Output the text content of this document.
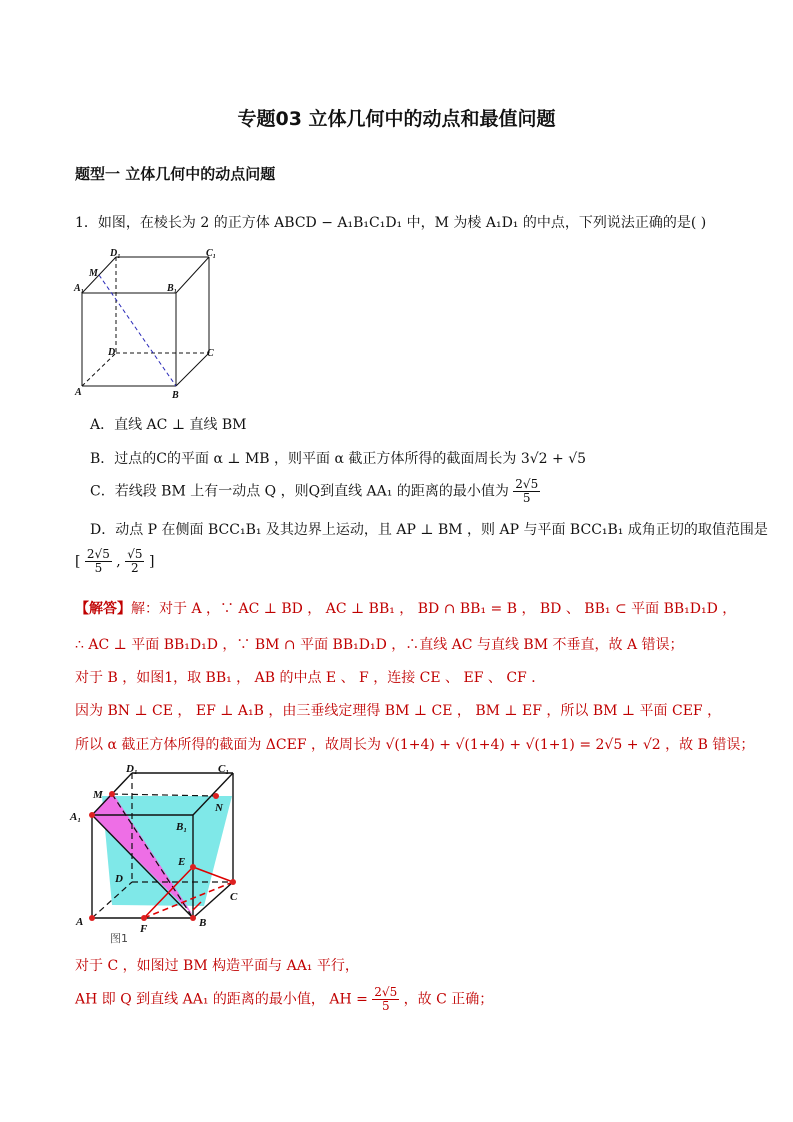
专题03 立体几何中的动点和最值问题
题型一 立体几何中的动点问题
1．如图，在棱长为 2 的正方体 ABCD − A₁B₁C₁D₁ 中，M 为棱 A₁D₁ 的中点，下列说法正确的是( )
D₁	C₁
M
A₁	B₁
D	C
A	B
A．直线 AC ⊥ 直线 BM
B．过点的C的平面 α ⊥ MB ，则平面 α 截正方体所得的截面周长为 3√2 + √5
C．若线段 BM 上有一动点 Q ，则Q到直线 AA₁ 的距离的最小值为 $\frac{2√5}{5}$
D．动点 P 在侧面 BCC₁B₁ 及其边界上运动，且 AP ⊥ BM ，则 AP 与平面 BCC₁B₁ 成角正切的取值范围是
[ $\frac{2√5}{5}$ , $\frac{√5}{2}$ ]
【解答】解：对于 A ，∵ AC ⊥ BD ， AC ⊥ BB₁ ， BD ∩ BB₁ = B ， BD 、 BB₁ ⊂ 平面 BB₁D₁D ，
∴ AC ⊥ 平面 BB₁D₁D ，∵ BM ∩ 平面 BB₁D₁D ，∴直线 AC 与直线 BM 不垂直，故 A 错误；
对于 B ，如图1，取 BB₁ ， AB 的中点 E 、 F ，连接 CE 、 EF 、 CF ．
因为 BN ⊥ CE ， EF ⊥ A₁B ，由三垂线定理得 BM ⊥ CE ， BM ⊥ EF ，所以 BM ⊥ 平面 CEF ，
所以 α 截正方体所得的截面为 ΔCEF ，故周长为 √(1+4) + √(1+4) + √(1+1) = 2√5 + √2 ，故 B 错误；
D₁	C₁
M
N
A₁
B₁
E
D
C
A	B
F
图1
对于 C ，如图过 BM 构造平面与 AA₁ 平行，
AH 即 Q 到直线 AA₁ 的距离的最小值， AH = $\frac{2√5}{5}$ ，故 C 正确；
